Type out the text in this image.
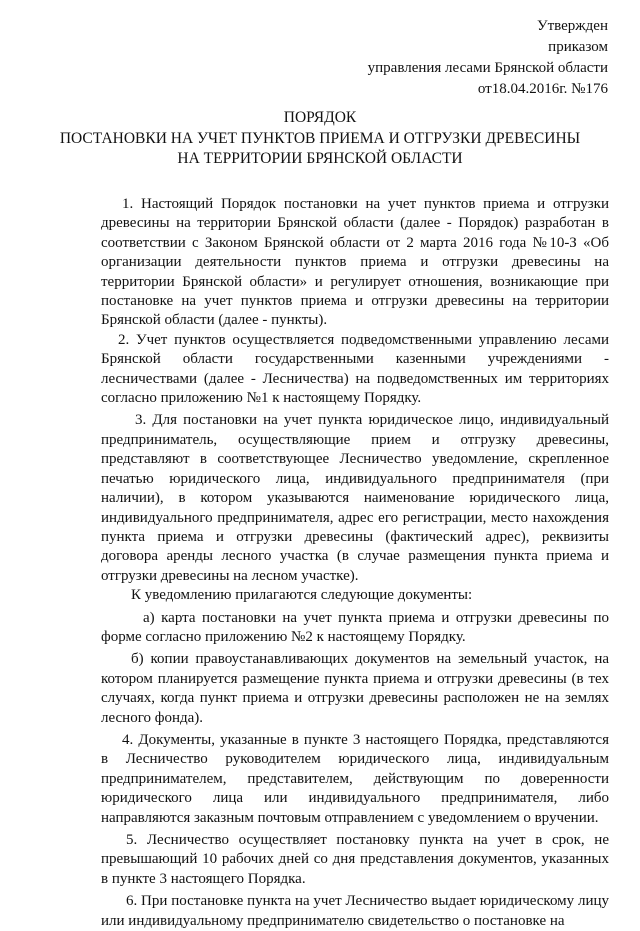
Утвержден
приказом
управления лесами Брянской области
от18.04.2016г. №176
ПОРЯДОК
ПОСТАНОВКИ НА УЧЕТ ПУНКТОВ ПРИЕМА И ОТГРУЗКИ ДРЕВЕСИНЫ
НА ТЕРРИТОРИИ БРЯНСКОЙ ОБЛАСТИ

1. Настоящий Порядок постановки на учет пунктов приема и отгрузки древесины на территории Брянской области (далее - Порядок) разработан в соответствии с Законом Брянской области от 2 марта 2016 года №10-З «Об организации деятельности пунктов приема и отгрузки древесины на территории Брянской области» и регулирует отношения, возникающие при постановке на учет пунктов приема и отгрузки древесины на территории Брянской области (далее - пункты).

2. Учет пунктов осуществляется подведомственными управлению лесами Брянской области государственными казенными учреждениями - лесничествами (далее - Лесничества) на подведомственных им территориях согласно приложению №1 к настоящему Порядку.

3. Для постановки на учет пункта юридическое лицо, индивидуальный предприниматель, осуществляющие прием и отгрузку древесины, представляют в соответствующее Лесничество уведомление, скрепленное печатью юридического лица, индивидуального предпринимателя (при наличии), в котором указываются наименование юридического лица, индивидуального предпринимателя, адрес его регистрации, место нахождения пункта приема и отгрузки древесины (фактический адрес), реквизиты договора аренды лесного участка (в случае размещения пункта приема и отгрузки древесины на лесном участке).

К уведомлению прилагаются следующие документы:

а) карта постановки на учет пункта приема и отгрузки древесины по форме согласно приложению №2 к настоящему Порядку.

б) копии правоустанавливающих документов на земельный участок, на котором планируется размещение пункта приема и отгрузки древесины (в тех случаях, когда пункт приема и отгрузки древесины расположен не на землях лесного фонда).

4. Документы, указанные в пункте 3 настоящего Порядка, представляются в Лесничество руководителем юридического лица, индивидуальным предпринимателем, представителем, действующим по доверенности юридического лица или индивидуального предпринимателя, либо направляются заказным почтовым отправлением с уведомлением о вручении.

5. Лесничество осуществляет постановку пункта на учет в срок, не превышающий 10 рабочих дней со дня представления документов, указанных в пункте 3 настоящего Порядка.

6. При постановке пункта на учет Лесничество выдает юридическому лицу или индивидуальному предпринимателю свидетельство о постановке на
